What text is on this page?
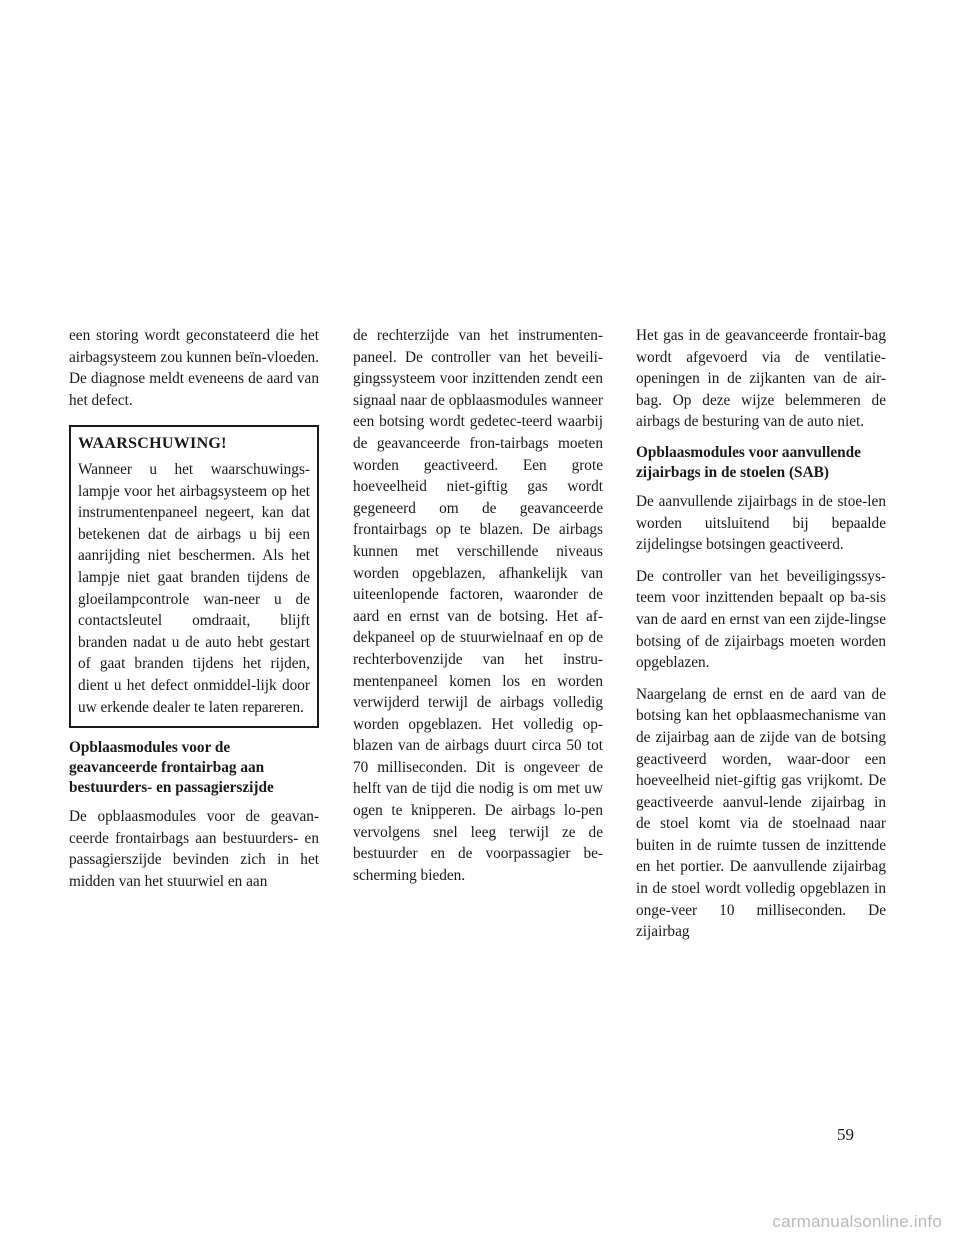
een storing wordt geconstateerd die het airbagsysteem zou kunnen beïn-vloeden. De diagnose meldt eveneens de aard van het defect.

WAARSCHUWING!

Wanneer u het waarschuwings-lampje voor het airbagsysteem op het instrumentenpaneel negeert, kan dat betekenen dat de airbags u bij een aanrijding niet beschermen. Als het lampje niet gaat branden tijdens de gloeilampcontrole wan-neer u de contactsleutel omdraait, blijft branden nadat u de auto hebt gestart of gaat branden tijdens het rijden, dient u het defect onmiddel-lijk door uw erkende dealer te laten repareren.

Opblaasmodules voor de geavanceerde frontairbag aan bestuurders- en passagierszijde

De opblaasmodules voor de geavan-ceerde frontairbags aan bestuurders- en passagierszijde bevinden zich in het midden van het stuurwiel en aan

de rechterzijde van het instrumenten-paneel. De controller van het beveili-gingssysteem voor inzittenden zendt een signaal naar de opblaasmodules wanneer een botsing wordt gedetec-teerd waarbij de geavanceerde fron-tairbags moeten worden geactiveerd. Een grote hoeveelheid niet-giftig gas wordt gegeneerd om de geavanceerde frontairbags op te blazen. De airbags kunnen met verschillende niveaus worden opgeblazen, afhankelijk van uiteenlopende factoren, waaronder de aard en ernst van de botsing. Het af-dekpaneel op de stuurwielnaaf en op de rechterbovenzijde van het instru-mentenpaneel komen los en worden verwijderd terwijl de airbags volledig worden opgeblazen. Het volledig op-blazen van de airbags duurt circa 50 tot 70 milliseconden. Dit is ongeveer de helft van de tijd die nodig is om met uw ogen te knipperen. De airbags lo-pen vervolgens snel leeg terwijl ze de bestuurder en de voorpassagier be-scherming bieden.

Het gas in de geavanceerde frontair-bag wordt afgevoerd via de ventilatie-openingen in de zijkanten van de air-bag. Op deze wijze belemmeren de airbags de besturing van de auto niet.

Opblaasmodules voor aanvullende zijairbags in de stoelen (SAB)

De aanvullende zijairbags in de stoe-len worden uitsluitend bij bepaalde zijdelingse botsingen geactiveerd.

De controller van het beveiligingssys-teem voor inzittenden bepaalt op ba-sis van de aard en ernst van een zijde-lingse botsing of de zijairbags moeten worden opgeblazen.

Naargelang de ernst en de aard van de botsing kan het opblaasmechanisme van de zijairbag aan de zijde van de botsing geactiveerd worden, waar-door een hoeveelheid niet-giftig gas vrijkomt. De geactiveerde aanvul-lende zijairbag in de stoel komt via de stoelnaad naar buiten in de ruimte tussen de inzittende en het portier. De aanvullende zijairbag in de stoel wordt volledig opgeblazen in onge-veer 10 milliseconden. De zijairbag

59
carmanualsonline.info
